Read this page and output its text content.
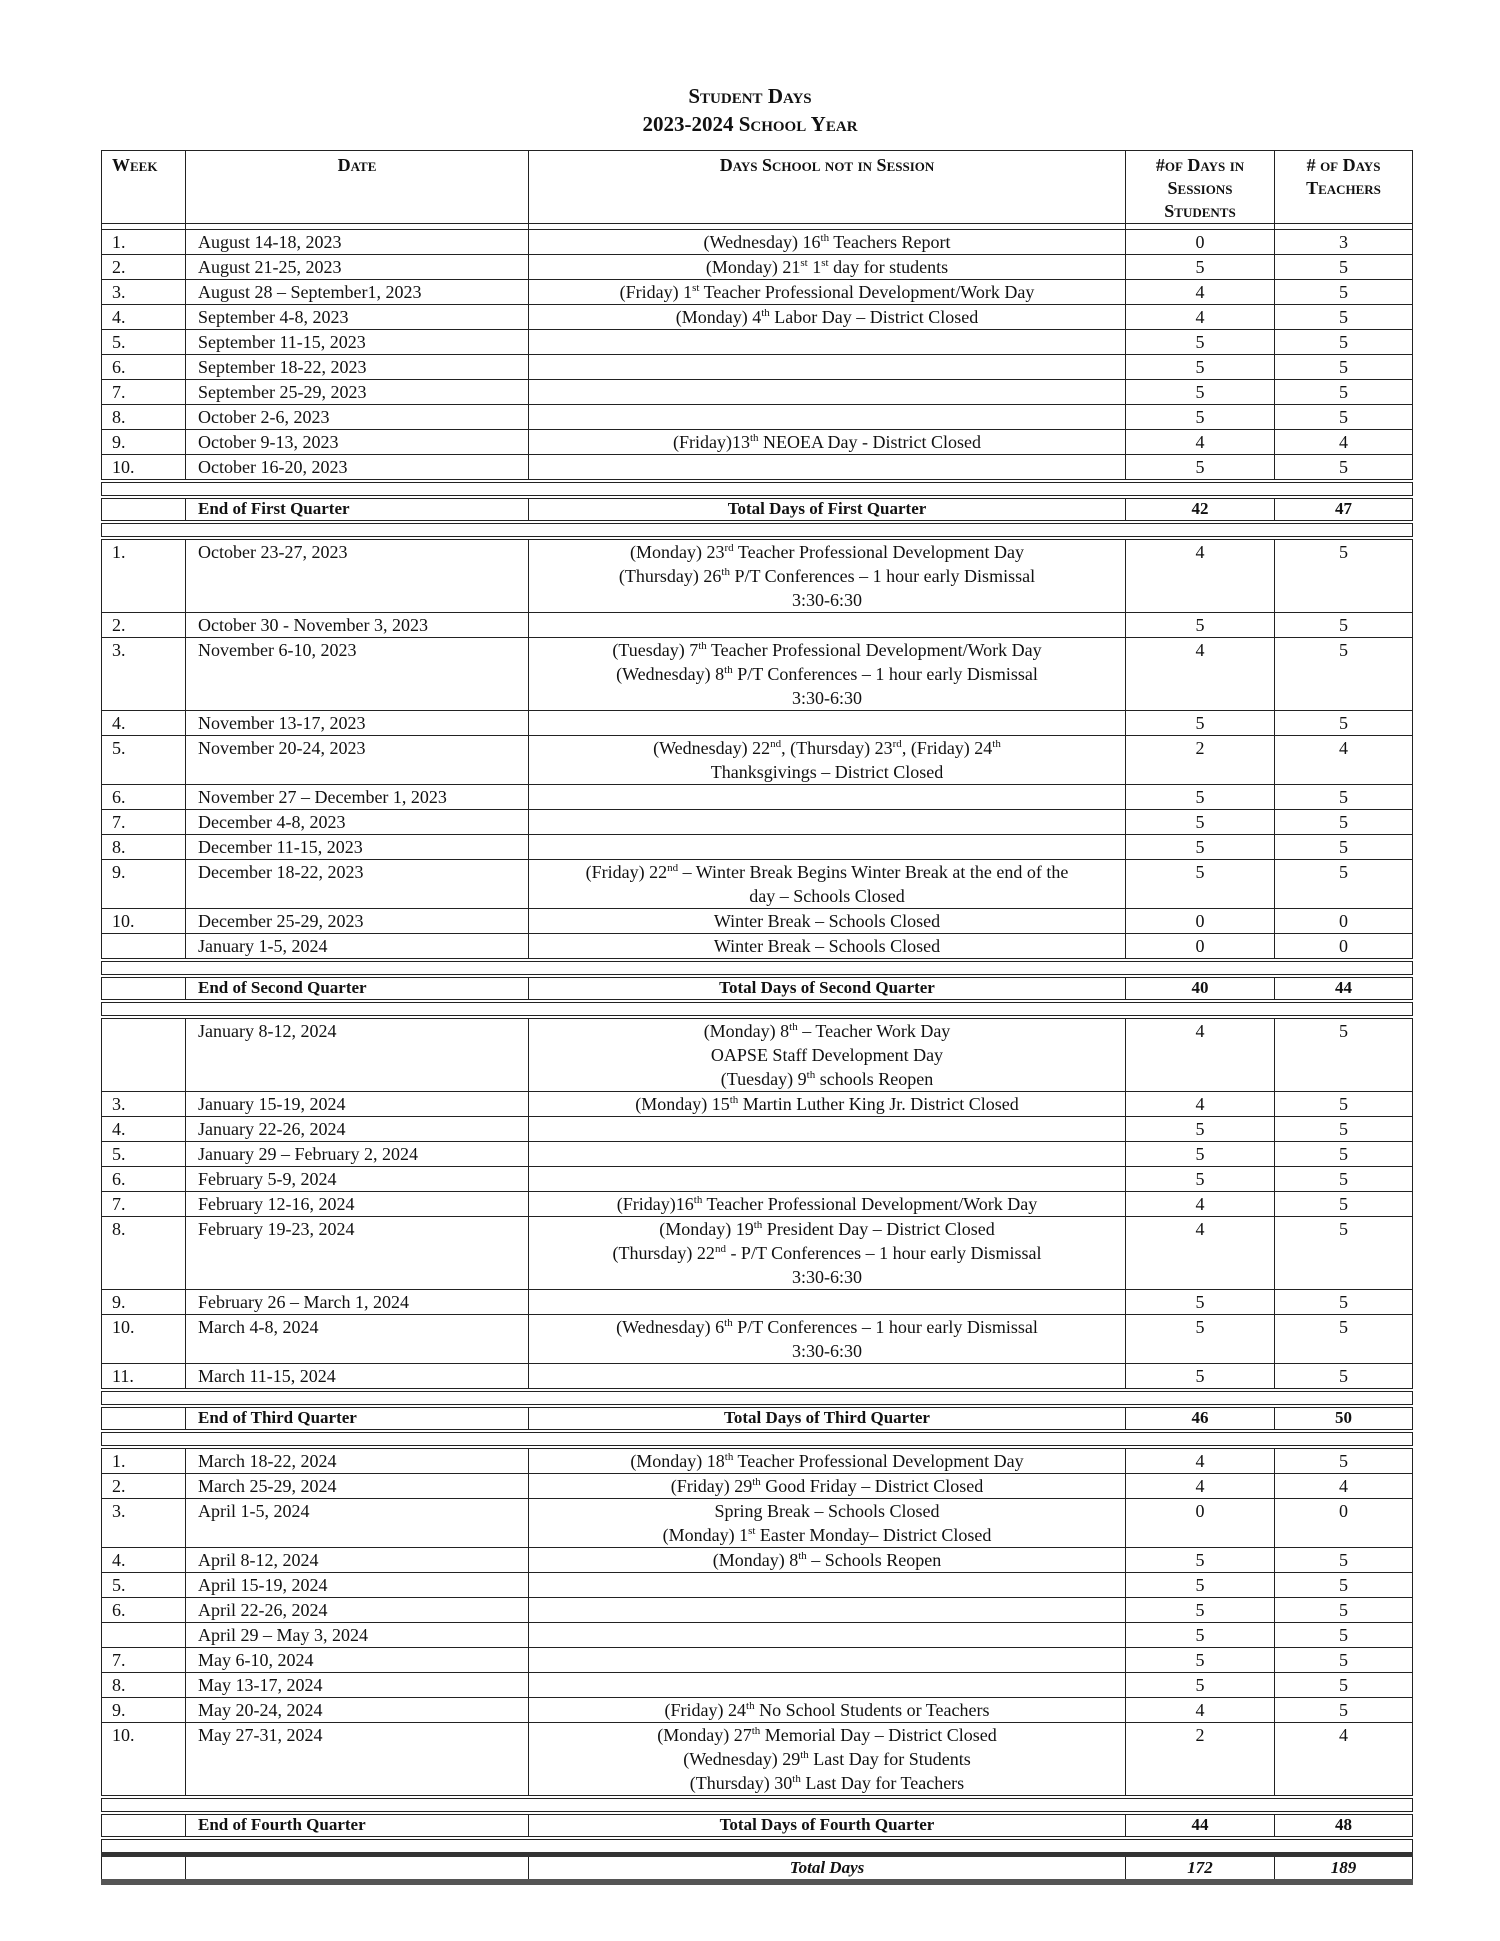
Student Days
2023-2024 School Year
Week	Date	Days School not in Session	#of Days in Sessions Students	# of Days Teachers

1.	August 14-18, 2023	(Wednesday) 16th Teachers Report	0	3
2.	August 21-25, 2023	(Monday) 21st 1st day for students	5	5
3.	August 28 – September1, 2023	(Friday) 1st Teacher Professional Development/Work Day	4	5
4.	September 4-8, 2023	(Monday) 4th Labor Day – District Closed	4	5
5.	September 11-15, 2023		5	5
6.	September 18-22, 2023		5	5
7.	September 25-29, 2023		5	5
8.	October 2-6, 2023		5	5
9.	October 9-13, 2023	(Friday)13th NEOEA Day - District Closed	4	4
10.	October 16-20, 2023		5	5

	End of First Quarter	Total Days of First Quarter	42	47

1.	October 23-27, 2023	(Monday) 23rd Teacher Professional Development Day
(Thursday) 26th P/T Conferences – 1 hour early Dismissal
3:30-6:30	4	5
2.	October 30 - November 3, 2023		5	5
3.	November 6-10, 2023	(Tuesday) 7th Teacher Professional Development/Work Day
(Wednesday) 8th P/T Conferences – 1 hour early Dismissal
3:30-6:30	4	5
4.	November 13-17, 2023		5	5
5.	November 20-24, 2023	(Wednesday) 22nd, (Thursday) 23rd, (Friday) 24th
Thanksgivings – District Closed	2	4
6.	November 27 – December 1, 2023		5	5
7.	December 4-8, 2023		5	5
8.	December 11-15, 2023		5	5
9.	December 18-22, 2023	(Friday) 22nd – Winter Break Begins Winter Break at the end of the
day – Schools Closed	5	5
10.	December 25-29, 2023	Winter Break – Schools Closed	0	0
	January 1-5, 2024	Winter Break – Schools Closed	0	0

	End of Second Quarter	Total Days of Second Quarter	40	44

	January 8-12, 2024	(Monday) 8th – Teacher Work Day
OAPSE Staff Development Day
(Tuesday) 9th schools Reopen	4	5
3.	January 15-19, 2024	(Monday) 15th Martin Luther King Jr. District Closed	4	5
4.	January 22-26, 2024		5	5
5.	January 29 – February 2, 2024		5	5
6.	February 5-9, 2024		5	5
7.	February 12-16, 2024	(Friday)16th Teacher Professional Development/Work Day	4	5
8.	February 19-23, 2024	(Monday) 19th President Day – District Closed
(Thursday) 22nd - P/T Conferences – 1 hour early Dismissal
3:30-6:30	4	5
9.	February 26 – March 1, 2024		5	5
10.	March 4-8, 2024	(Wednesday) 6th P/T Conferences – 1 hour early Dismissal
3:30-6:30	5	5
11.	March 11-15, 2024		5	5

	End of Third Quarter	Total Days of Third Quarter	46	50

1.	March 18-22, 2024	(Monday) 18th Teacher Professional Development Day	4	5
2.	March 25-29, 2024	(Friday) 29th Good Friday – District Closed	4	4
3.	April 1-5, 2024	Spring Break – Schools Closed
(Monday) 1st Easter Monday– District Closed	0	0
4.	April 8-12, 2024	(Monday) 8th – Schools Reopen	5	5
5.	April 15-19, 2024		5	5
6.	April 22-26, 2024		5	5
	April 29 – May 3, 2024		5	5
7.	May 6-10, 2024		5	5
8.	May 13-17, 2024		5	5
9.	May 20-24, 2024	(Friday) 24th No School Students or Teachers	4	5
10.	May 27-31, 2024	(Monday) 27th Memorial Day – District Closed
(Wednesday) 29th Last Day for Students
(Thursday) 30th Last Day for Teachers	2	4

	End of Fourth Quarter	Total Days of Fourth Quarter	44	48

		Total Days	172	189
